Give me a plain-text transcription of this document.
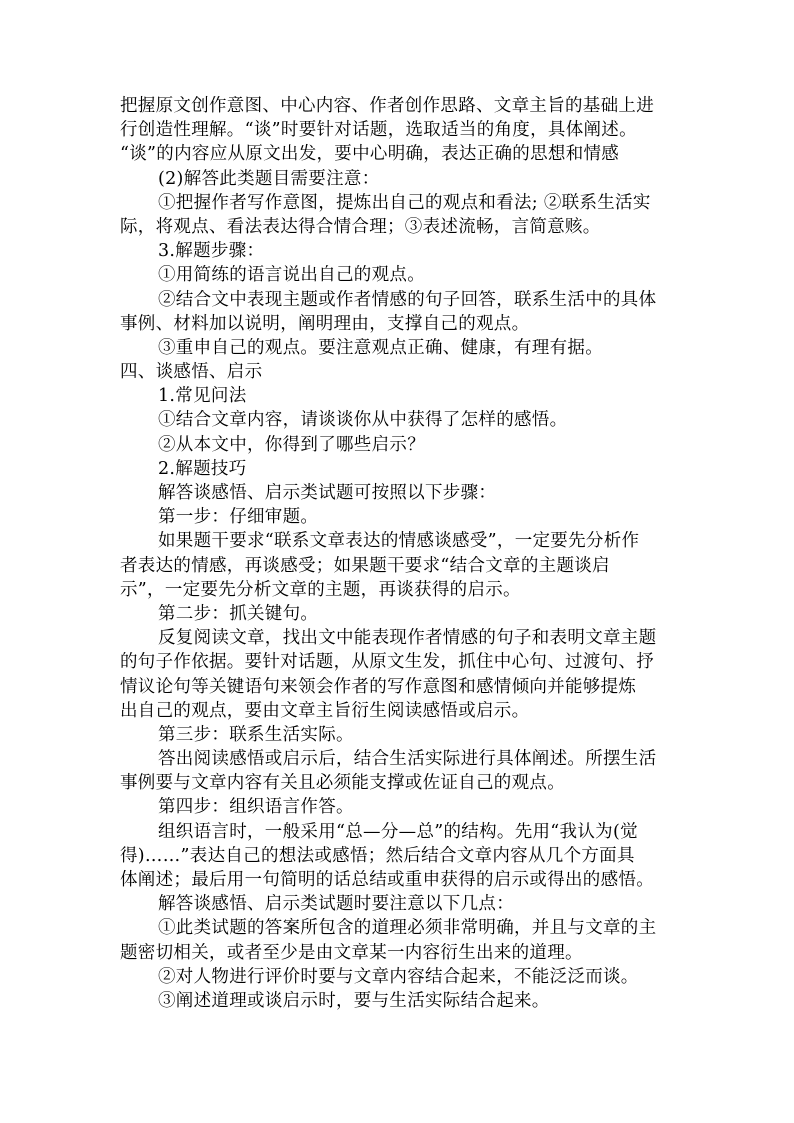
把握原文创作意图、中心内容、作者创作思路、文章主旨的基础上进
行创造性理解。“谈”时要针对话题，选取适当的角度，具体阐述。
“谈”的内容应从原文出发，要中心明确，表达正确的思想和情感
(2)解答此类题目需要注意：
①把握作者写作意图，提炼出自己的观点和看法; ②联系生活实
际，将观点、看法表达得合情合理；③表述流畅，言简意赅。
3.解题步骤：
①用简练的语言说出自己的观点。
②结合文中表现主题或作者情感的句子回答，联系生活中的具体
事例、材料加以说明，阐明理由，支撑自己的观点。
③重申自己的观点。要注意观点正确、健康，有理有据。
四、谈感悟、启示
1.常见问法
①结合文章内容，请谈谈你从中获得了怎样的感悟。
②从本文中，你得到了哪些启示？
2.解题技巧
解答谈感悟、启示类试题可按照以下步骤：
第一步：仔细审题。
如果题干要求“联系文章表达的情感谈感受”，一定要先分析作
者表达的情感，再谈感受；如果题干要求“结合文章的主题谈启
示”，一定要先分析文章的主题，再谈获得的启示。
第二步：抓关键句。
反复阅读文章，找出文中能表现作者情感的句子和表明文章主题
的句子作依据。要针对话题，从原文生发，抓住中心句、过渡句、抒
情议论句等关键语句来领会作者的写作意图和感情倾向并能够提炼
出自己的观点，要由文章主旨衍生阅读感悟或启示。
第三步：联系生活实际。
答出阅读感悟或启示后，结合生活实际进行具体阐述。所摆生活
事例要与文章内容有关且必须能支撑或佐证自己的观点。
第四步：组织语言作答。
组织语言时，一般采用“总—分—总”的结构。先用“我认为(觉
得)……”表达自己的想法或感悟；然后结合文章内容从几个方面具
体阐述；最后用一句简明的话总结或重申获得的启示或得出的感悟。
解答谈感悟、启示类试题时要注意以下几点：
①此类试题的答案所包含的道理必须非常明确，并且与文章的主
题密切相关，或者至少是由文章某一内容衍生出来的道理。
②对人物进行评价时要与文章内容结合起来，不能泛泛而谈。
③阐述道理或谈启示时，要与生活实际结合起来。
